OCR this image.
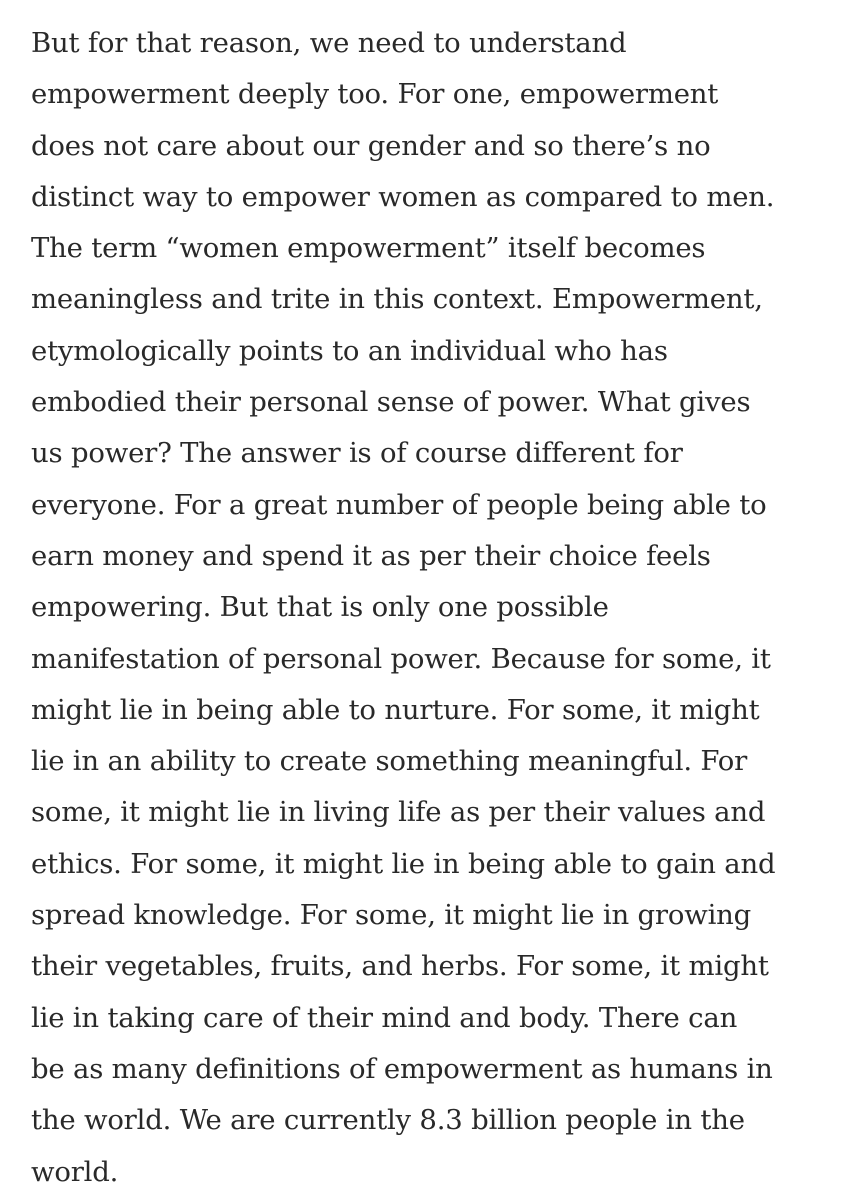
But for that reason, we need to understand
empowerment deeply too. For one, empowerment
does not care about our gender and so there’s no
distinct way to empower women as compared to men.
The term “women empowerment” itself becomes
meaningless and trite in this context. Empowerment,
etymologically points to an individual who has
embodied their personal sense of power. What gives
us power? The answer is of course different for
everyone. For a great number of people being able to
earn money and spend it as per their choice feels
empowering. But that is only one possible
manifestation of personal power. Because for some, it
might lie in being able to nurture. For some, it might
lie in an ability to create something meaningful. For
some, it might lie in living life as per their values and
ethics. For some, it might lie in being able to gain and
spread knowledge. For some, it might lie in growing
their vegetables, fruits, and herbs. For some, it might
lie in taking care of their mind and body. There can
be as many definitions of empowerment as humans in
the world. We are currently 8.3 billion people in the
world.
